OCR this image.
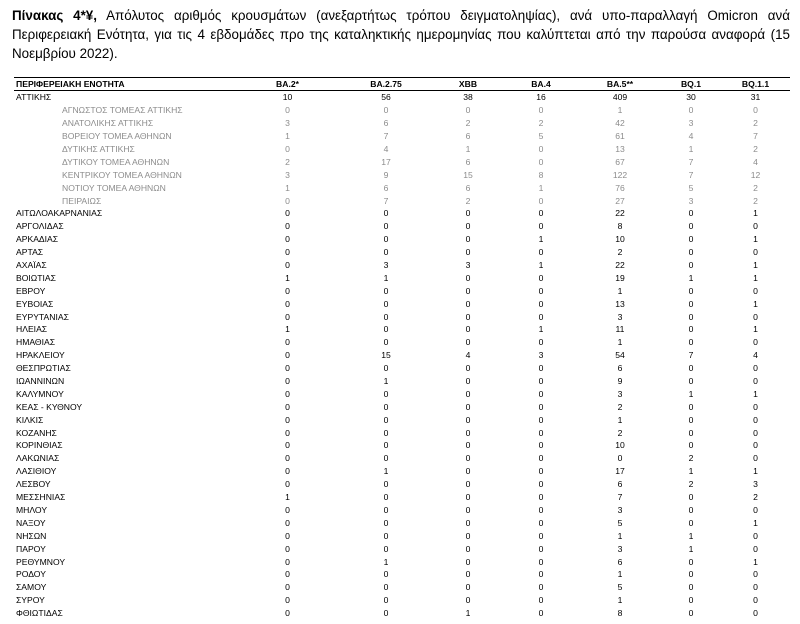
Πίνακας 4*¥, Απόλυτος αριθμός κρουσμάτων (ανεξαρτήτως τρόπου δειγματοληψίας), ανά υπο-παραλλαγή Omicron ανά Περιφερειακή Ενότητα, για τις 4 εβδομάδες προ της καταληκτικής ημερομηνίας που καλύπτεται από την παρούσα αναφορά (15 Νοεμβρίου 2022).

ΠΕΡΙΦΕΡΕΙΑΚΗ ΕΝΟΤΗΤΑ	BA.2*	BA.2.75	XBB	BA.4	BA.5**	BQ.1	BQ.1.1
ΑΤΤΙΚΗΣ	10	56	38	16	409	30	31
ΑΓΝΩΣΤΟΣ ΤΟΜΕΑΣ ΑΤΤΙΚΗΣ	0	0	0	0	1	0	0
ΑΝΑΤΟΛΙΚΗΣ ΑΤΤΙΚΗΣ	3	6	2	2	42	3	2
ΒΟΡΕΙΟΥ ΤΟΜΕΑ ΑΘΗΝΩΝ	1	7	6	5	61	4	7
ΔΥΤΙΚΗΣ ΑΤΤΙΚΗΣ	0	4	1	0	13	1	2
ΔΥΤΙΚΟΥ ΤΟΜΕΑ ΑΘΗΝΩΝ	2	17	6	0	67	7	4
ΚΕΝΤΡΙΚΟΥ ΤΟΜΕΑ ΑΘΗΝΩΝ	3	9	15	8	122	7	12
ΝΟΤΙΟΥ ΤΟΜΕΑ ΑΘΗΝΩΝ	1	6	6	1	76	5	2
ΠΕΙΡΑΙΩΣ	0	7	2	0	27	3	2
ΑΙΤΩΛΟΑΚΑΡΝΑΝΙΑΣ	0	0	0	0	22	0	1
ΑΡΓΟΛΙΔΑΣ	0	0	0	0	8	0	0
ΑΡΚΑΔΙΑΣ	0	0	0	1	10	0	1
ΑΡΤΑΣ	0	0	0	0	2	0	0
ΑΧΑΪΑΣ	0	3	3	1	22	0	1
ΒΟΙΩΤΙΑΣ	1	1	0	0	19	1	1
ΕΒΡΟΥ	0	0	0	0	1	0	0
ΕΥΒΟΙΑΣ	0	0	0	0	13	0	1
ΕΥΡΥΤΑΝΙΑΣ	0	0	0	0	3	0	0
ΗΛΕΙΑΣ	1	0	0	1	11	0	1
ΗΜΑΘΙΑΣ	0	0	0	0	1	0	0
ΗΡΑΚΛΕΙΟΥ	0	15	4	3	54	7	4
ΘΕΣΠΡΩΤΙΑΣ	0	0	0	0	6	0	0
ΙΩΑΝΝΙΝΩΝ	0	1	0	0	9	0	0
ΚΑΛΥΜΝΟΥ	0	0	0	0	3	1	1
ΚΕΑΣ - ΚΥΘΝΟΥ	0	0	0	0	2	0	0
ΚΙΛΚΙΣ	0	0	0	0	1	0	0
ΚΟΖΑΝΗΣ	0	0	0	0	2	0	0
ΚΟΡΙΝΘΙΑΣ	0	0	0	0	10	0	0
ΛΑΚΩΝΙΑΣ	0	0	0	0	0	2	0
ΛΑΣΙΘΙΟΥ	0	1	0	0	17	1	1
ΛΕΣΒΟΥ	0	0	0	0	6	2	3
ΜΕΣΣΗΝΙΑΣ	1	0	0	0	7	0	2
ΜΗΛΟΥ	0	0	0	0	3	0	0
ΝΑΞΟΥ	0	0	0	0	5	0	1
ΝΗΣΩΝ	0	0	0	0	1	1	0
ΠΑΡΟΥ	0	0	0	0	3	1	0
ΡΕΘΥΜΝΟΥ	0	1	0	0	6	0	1
ΡΟΔΟΥ	0	0	0	0	1	0	0
ΣΑΜΟΥ	0	0	0	0	5	0	0
ΣΥΡΟΥ	0	0	0	0	1	0	0
ΦΘΙΩΤΙΔΑΣ	0	0	1	0	8	0	0
